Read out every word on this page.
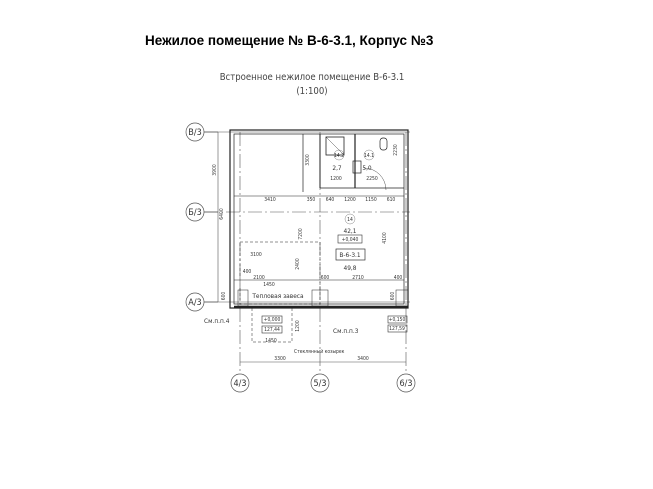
Нежилое помещение № В-6-3.1, Корпус №3
Встроенное нежилое помещение В-6-3.1
(1:100)
В/3
Б/3
А/3
4/3	5/3	6/3
14.2
2,7
14.1
5,0
14
42,1
+0,040
В-6-3.1
49,8
3410	350 640 1200 1150 610
1200	2250
2230
3300
3900
6400
7200	4100
3100
2400
400
2100
1450
600	2710	400
1200
1450
3300	3400
600	600
Тепловая завеса
См.п.п.4
См.п.п.3
Стеклянный козырек
+0,000
127,44
+0,150
127,59
